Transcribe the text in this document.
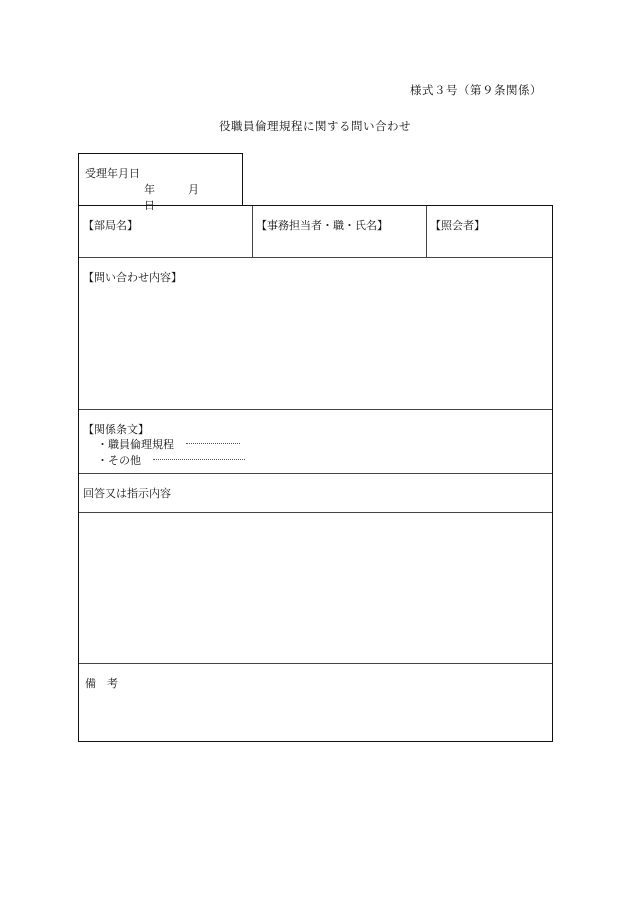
様式３号（第９条関係）
役職員倫理規程に関する問い合わせ
受理年月日
年	月  日
【部局名】	【事務担当者・職・氏名】	【照会者】
【問い合わせ内容】
【関係条文】
・職員倫理規程
・その他
回答又は指示内容
備　考
